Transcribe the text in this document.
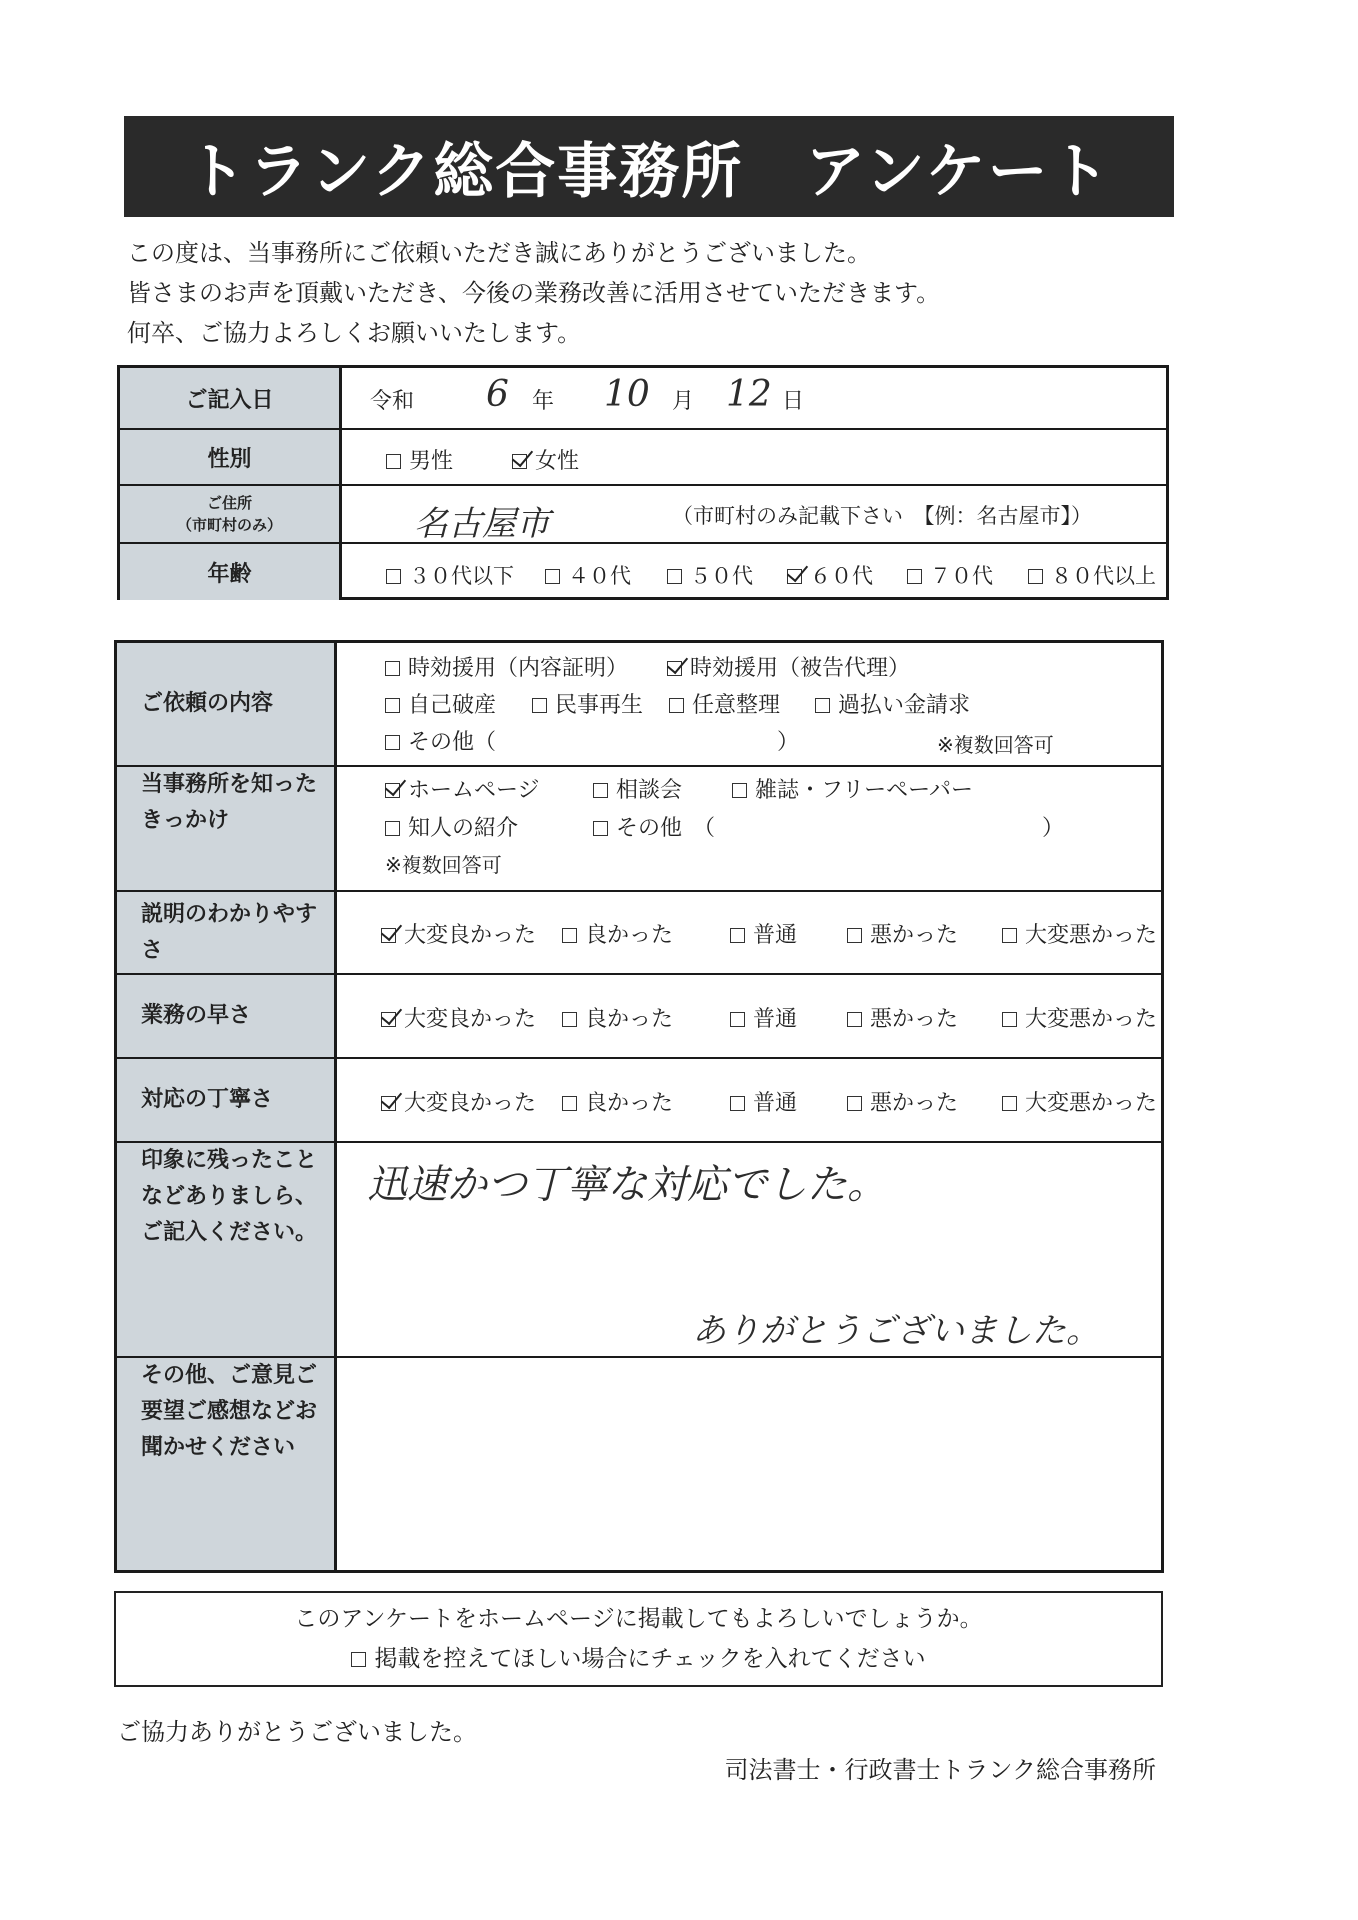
トランク総合事務所　アンケート
この度は、当事務所にご依頼いただき誠にありがとうございました。
皆さまのお声を頂戴いただき、今後の業務改善に活用させていただきます。
何卒、ご協力よろしくお願いいたします。
ご記入日	令和 6 年 10 月 12 日
性別	男性	女性
ご住所
（市町村のみ）	名古屋市	（市町村のみ記載下さい　【例：名古屋市】）
年齢	３０代以下	４０代	５０代	６０代	７０代	８０代以上
ご依頼の内容
時効援用（内容証明）	時効援用（被告代理）
自己破産	民事再生	任意整理	過払い金請求
その他（	）	※複数回答可
当事務所を知った
きっかけ
ホームページ	相談会	雑誌・フリーペーパー
知人の紹介	その他　（	）
※複数回答可
説明のわかりやす
さ
大変良かった	良かった	普通	悪かった	大変悪かった
業務の早さ	大変良かった	良かった	普通	悪かった	大変悪かった
対応の丁寧さ	大変良かった	良かった	普通	悪かった	大変悪かった
印象に残ったこと
などありましら、
ご記入ください。
迅速かつ丁寧な対応でした。
ありがとうございました。
その他、ご意見ご
要望ご感想などお
聞かせください
このアンケートをホームページに掲載してもよろしいでしょうか。
掲載を控えてほしい場合にチェックを入れてください
ご協力ありがとうございました。
司法書士・行政書士トランク総合事務所
